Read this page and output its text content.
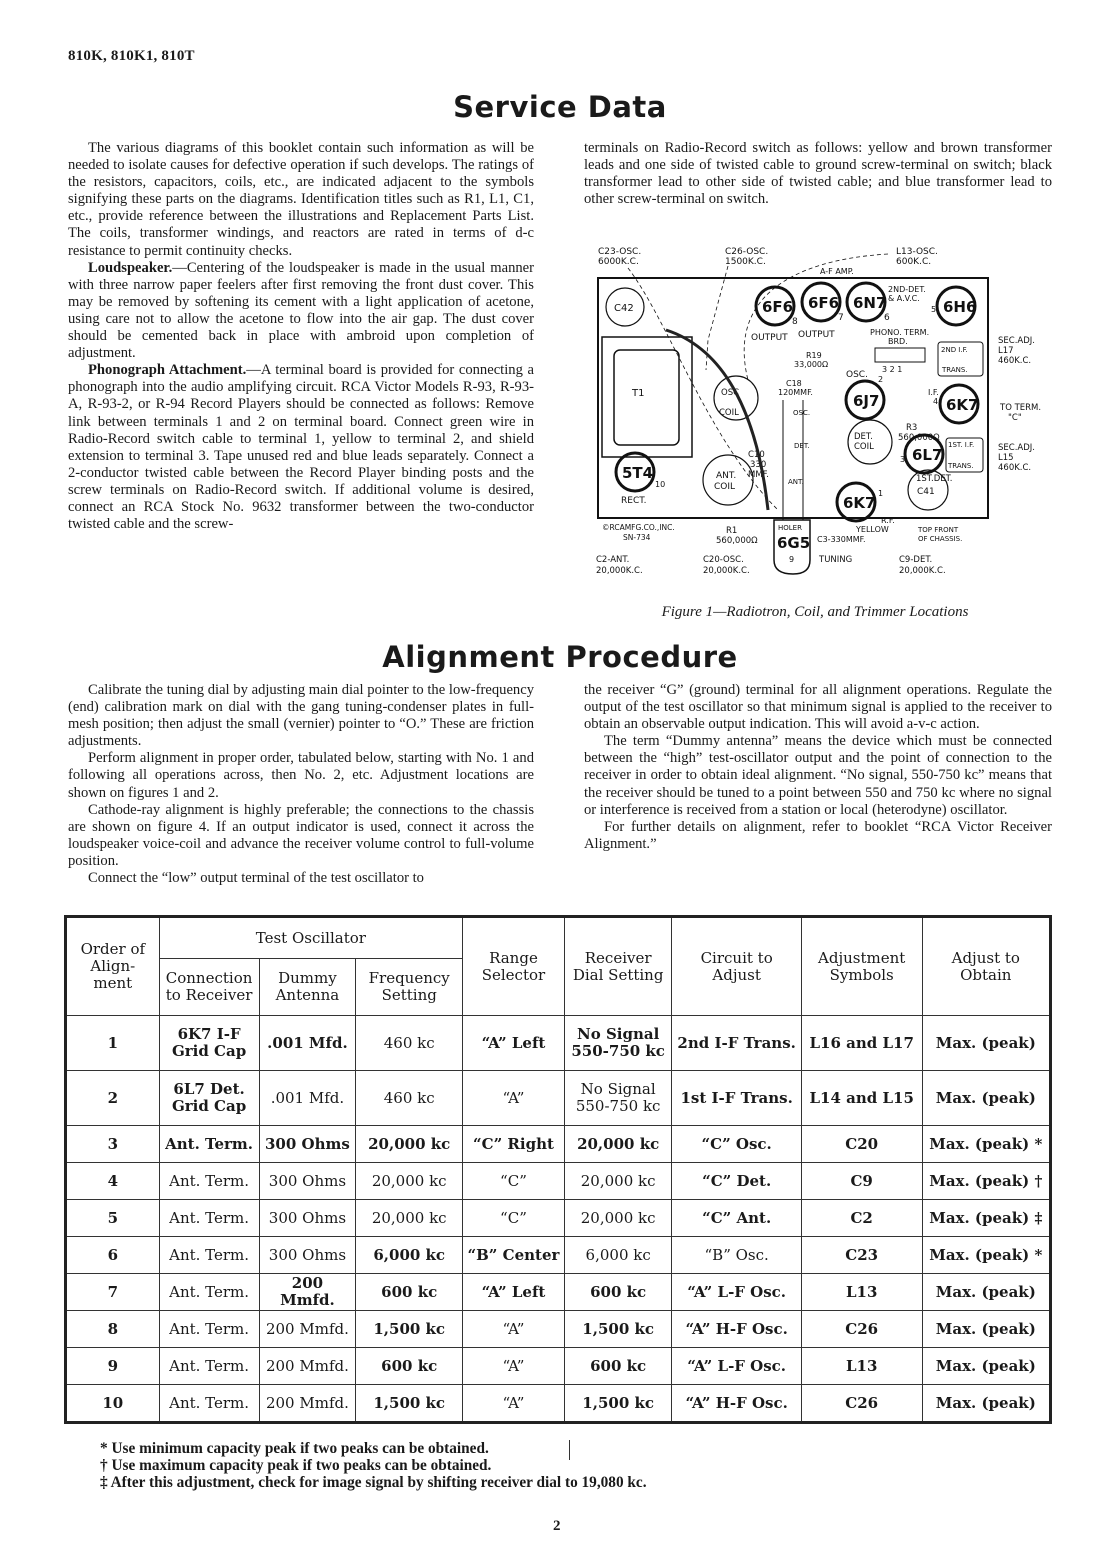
810K, 810K1, 810T
Service Data

The various diagrams of this booklet contain such information as will be needed to isolate causes for defective operation if such develops. The ratings of the resistors, capacitors, coils, etc., are indicated adjacent to the symbols signifying these parts on the diagrams. Identification titles such as R1, L1, C1, etc., provide reference between the illustrations and Replacement Parts List. The coils, transformer windings, and reactors are rated in terms of d-c resistance to permit continuity checks.

Loudspeaker.—Centering of the loudspeaker is made in the usual manner with three narrow paper feelers after first removing the front dust cover. This may be removed by softening its cement with a light application of acetone, using care not to allow the acetone to flow into the air gap. The dust cover should be cemented back in place with ambroid upon completion of adjustment.

Phonograph Attachment.—A terminal board is provided for connecting a phonograph into the audio amplifying circuit. RCA Victor Models R-93, R-93-A, R-93-2, or R-94 Record Players should be connected as follows: Remove link between terminals 1 and 2 on terminal board. Connect green wire in Radio-Record switch cable to terminal 1, yellow to terminal 2, and shield extension to terminal 3. Tape unused red and blue leads separately. Connect a 2-conductor twisted cable between the Record Player binding posts and the screw terminals on Radio-Record switch. If additional volume is desired, connect an RCA Stock No. 9632 transformer between the two-conductor twisted cable and the screw-

terminals on Radio-Record switch as follows: yellow and brown transformer leads and one side of twisted cable to ground screw-terminal on switch; black transformer lead to other side of twisted cable; and blue transformer lead to other screw-terminal on switch.

T1
C42
C23-OSC.
6000K.C.
C26-OSC.
1500K.C.
L13-OSC.
600K.C.
A-F AMP.
2ND-DET.
& A.V.C.
6F6
8
OUTPUT
6F6
7
OUTPUT
6N7
6
6H6
5
PHONO. TERM.
BRD.
3 2 1
2ND I.F.
TRANS.
SEC.ADJ.
L17
460K.C.
R19
33,000Ω
OSC.
OSC
COIL
C18
120MMF.
OSC.
6J7
2
6K7
I.F.
4
TO TERM.
"C"
R3
560,000Ω
DET.
COIL	6L7
3
1ST. I.F.
TRANS.
SEC.ADJ.
L15
460K.C.
1ST.DET.
C10
330
MMF.
DET.
5T4
10
RECT.
ANT.
COIL	ANT.
6K7
1	C41
R.F.
©RCAMFG.CO.,INC.
SN-734
R1
560,000Ω
HOLER
6G5
9
YELLOW
C3-330MMF.
TOP FRONT
OF CHASSIS.
C2-ANT.
20,000K.C.
C20-OSC.
20,000K.C.
TUNING	C9-DET.
20,000K.C.
Figure 1—Radiotron, Coil, and Trimmer Locations
Alignment Procedure

Calibrate the tuning dial by adjusting main dial pointer to the low-frequency (end) calibration mark on dial with the gang tuning-condenser plates in full-mesh position; then adjust the small (vernier) pointer to “O.” These are friction adjustments.

Perform alignment in proper order, tabulated below, starting with No. 1 and following all operations across, then No. 2, etc. Adjustment locations are shown on figures 1 and 2.

Cathode-ray alignment is highly preferable; the connections to the chassis are shown on figure 4. If an output indicator is used, connect it across the loudspeaker voice-coil and advance the receiver volume control to full-volume position.

Connect the “low” output terminal of the test oscillator to

the receiver “G” (ground) terminal for all alignment operations. Regulate the output of the test oscillator so that minimum signal is applied to the receiver to obtain an observable output indication. This will avoid a-v-c action.

The term “Dummy antenna” means the device which must be connected between the “high” test-oscillator output and the point of connection to the receiver in order to obtain ideal alignment. “No signal, 550-750 kc” means that the receiver should be tuned to a point between 550 and 750 kc where no signal or interference is received from a station or local (heterodyne) oscillator.

For further details on alignment, refer to booklet “RCA Victor Receiver Alignment.”

Order of Align- ment	Test Oscillator			Range Selector	Receiver Dial Setting	Circuit to Adjust	Adjustment Symbols	Adjust to Obtain
	Connection to Receiver	Dummy Antenna	Frequency Setting					
1	6K7 I-F Grid Cap	.001 Mfd.	460 kc	“A” Left	No Signal 550-750 kc	2nd I-F Trans.	L16 and L17	Max. (peak)
2	6L7 Det. Grid Cap	.001 Mfd.	460 kc	“A”	No Signal 550-750 kc	1st I-F Trans.	L14 and L15	Max. (peak)
3	Ant. Term.	300 Ohms	20,000 kc	“C” Right	20,000 kc	“C” Osc.	C20	Max. (peak) *
4	Ant. Term.	300 Ohms	20,000 kc	“C”	20,000 kc	“C” Det.	C9	Max. (peak) †
5	Ant. Term.	300 Ohms	20,000 kc	“C”	20,000 kc	“C” Ant.	C2	Max. (peak) ‡
6	Ant. Term.	300 Ohms	6,000 kc	“B” Center	6,000 kc	“B” Osc.	C23	Max. (peak) *
7	Ant. Term.	200 Mmfd.	600 kc	“A” Left	600 kc	“A” L-F Osc.	L13	Max. (peak)
8	Ant. Term.	200 Mmfd.	1,500 kc	“A”	1,500 kc	“A” H-F Osc.	C26	Max. (peak)
9	Ant. Term.	200 Mmfd.	600 kc	“A”	600 kc	“A” L-F Osc.	L13	Max. (peak)
10	Ant. Term.	200 Mmfd.	1,500 kc	“A”	1,500 kc	“A” H-F Osc.	C26	Max. (peak)
* Use minimum capacity peak if two peaks can be obtained.
† Use maximum capacity peak if two peaks can be obtained.
‡ After this adjustment, check for image signal by shifting receiver dial to 19,080 kc.
2
